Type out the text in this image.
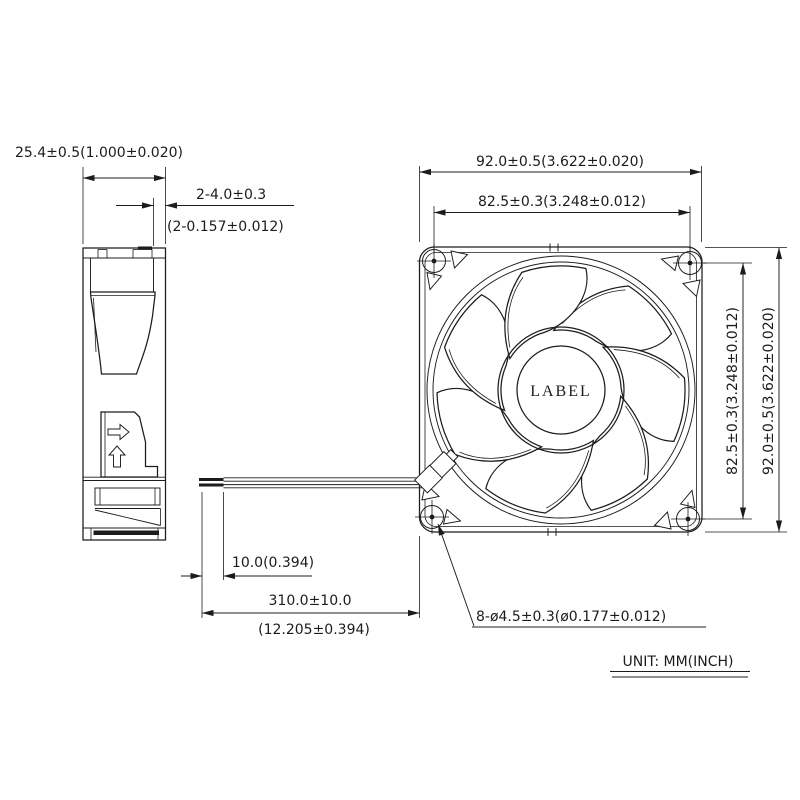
LABEL
25.4±0.5(1.000±0.020)
2-4.0±0.3
(2-0.157±0.012)
92.0±0.5(3.622±0.020)
82.5±0.3(3.248±0.012)
82.5±0.3(3.248±0.012) 92.0±0.5(3.622±0.020)
10.0(0.394)
310.0±10.0
(12.205±0.394)
8-ø4.5±0.3(ø0.177±0.012)
UNIT: MM(INCH)
